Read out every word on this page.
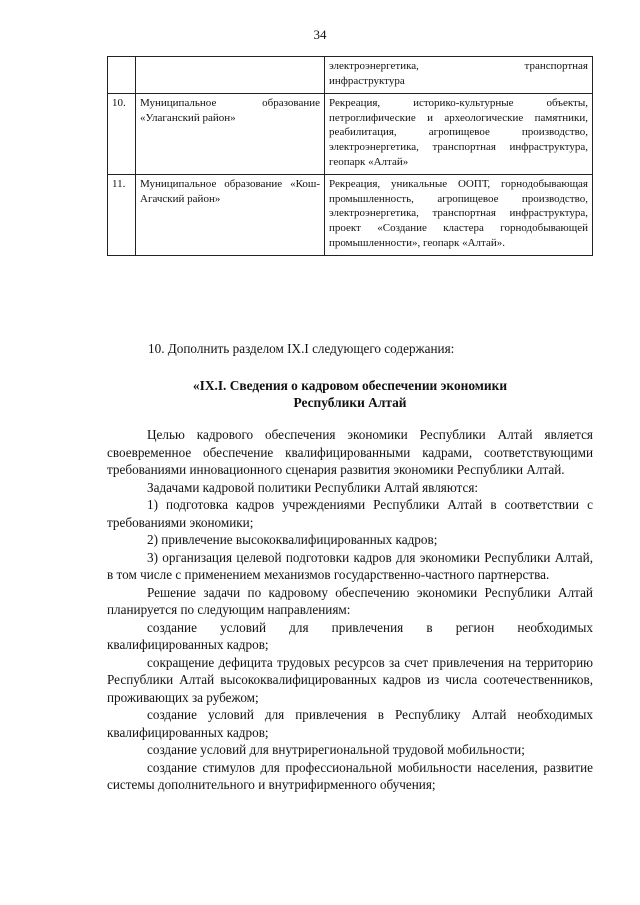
34

		электроэнергетика, транспортная
инфраструктура

10.	Муниципальное образование «Улаганский район»	Рекреация, историко-культурные объекты, петроглифические и археологические памятники, реабилитация, агропищевое производство, электроэнергетика, транспортная инфраструктура, геопарк «Алтай»
11.	Муниципальное образование «Кош-Агачский район»	Рекреация, уникальные ООПТ, горнодобывающая промышленность, агропищевое производство, электроэнергетика, транспортная инфраструктура, проект «Создание кластера горнодобывающей промышленности», геопарк «Алтай».
10. Дополнить разделом IX.I следующего содержания:
«IX.I. Сведения о кадровом обеспечении экономики
Республики Алтай

Целью кадрового обеспечения экономики Республики Алтай является своевременное обеспечение квалифицированными кадрами, соответствующими требованиями инновационного сценария развития экономики Республики Алтай.

Задачами кадровой политики Республики Алтай являются:

1) подготовка кадров учреждениями Республики Алтай в соответствии с требованиями экономики;

2) привлечение высококвалифицированных кадров;

3) организация целевой подготовки кадров для экономики Республики Алтай, в том числе с применением механизмов государственно-частного партнерства.

Решение задачи по кадровому обеспечению экономики Республики Алтай планируется по следующим направлениям:

создание условий для привлечения в регион необходимых квалифицированных кадров;

сокращение дефицита трудовых ресурсов за счет привлечения на территорию Республики Алтай высококвалифицированных кадров из числа соотечественников, проживающих за рубежом;

создание условий для привлечения в Республику Алтай необходимых квалифицированных кадров;

создание условий для внутрирегиональной трудовой мобильности;

создание стимулов для профессиональной мобильности населения, развитие системы дополнительного и внутрифирменного обучения;
